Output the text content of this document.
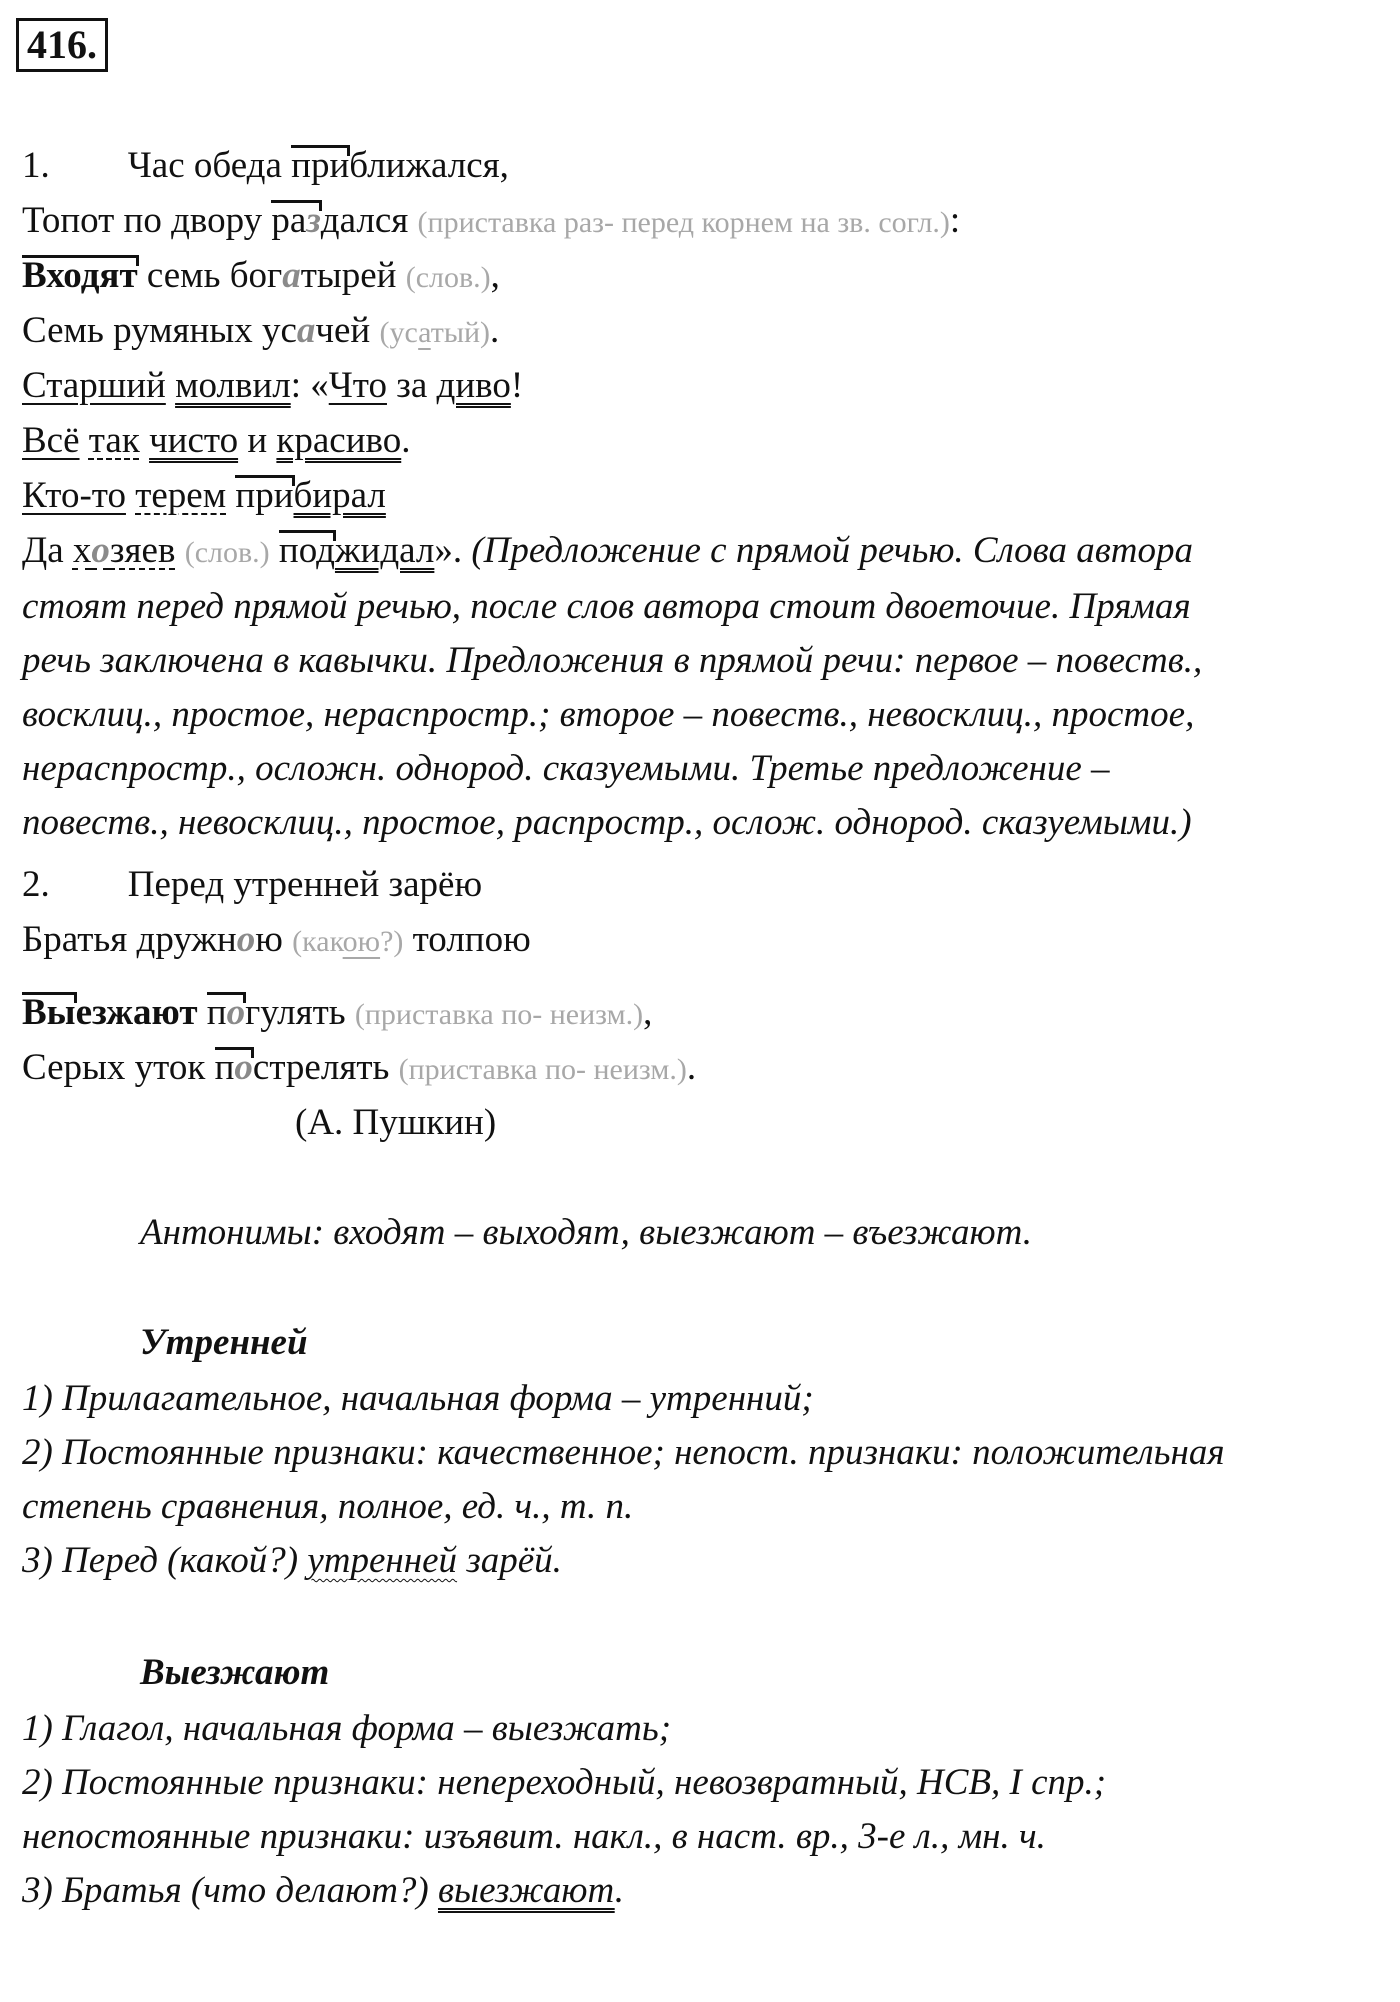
416.
1. Час обеда приближался,
Топот по двору раздался (приставка раз- перед корнем на зв. согл.):
Входят семь богатырей (слов.),
Семь румяных усачей (усатый).
Старший молвил: «Что за диво!
Всё так чисто и красиво.
Кто-то терем прибирал
Да хозяев (слов.) поджидал». (Предложение с прямой речью. Слова автора
стоят перед прямой речью, после слов автора стоит двоеточие. Прямая
речь заключена в кавычки. Предложения в прямой речи: первое – повеств.,
восклиц., простое, нераспростр.; второе – повеств., невосклиц., простое,
нераспростр., осложн. однород. сказуемыми. Третье предложение –
повеств., невосклиц., простое, распростр., ослож. однород. сказуемыми.)
2. Перед утренней зарёю
Братья дружною (какою?) толпою
Выезжают погулять (приставка по- неизм.),
Серых уток пострелять (приставка по- неизм.).
(А. Пушкин)
Антонимы: входят – выходят, выезжают – въезжают.
Утренней
1) Прилагательное, начальная форма – утренний;
2) Постоянные признаки: качественное; непост. признаки: положительная
степень сравнения, полное, ед. ч., т. п.
3) Перед (какой?) утренней зарёй.
Выезжают
1) Глагол, начальная форма – выезжать;
2) Постоянные признаки: непереходный, невозвратный, НСВ, I спр.;
непостоянные признаки: изъявит. накл., в наст. вр., 3-е л., мн. ч.
3) Братья (что делают?) выезжают.
